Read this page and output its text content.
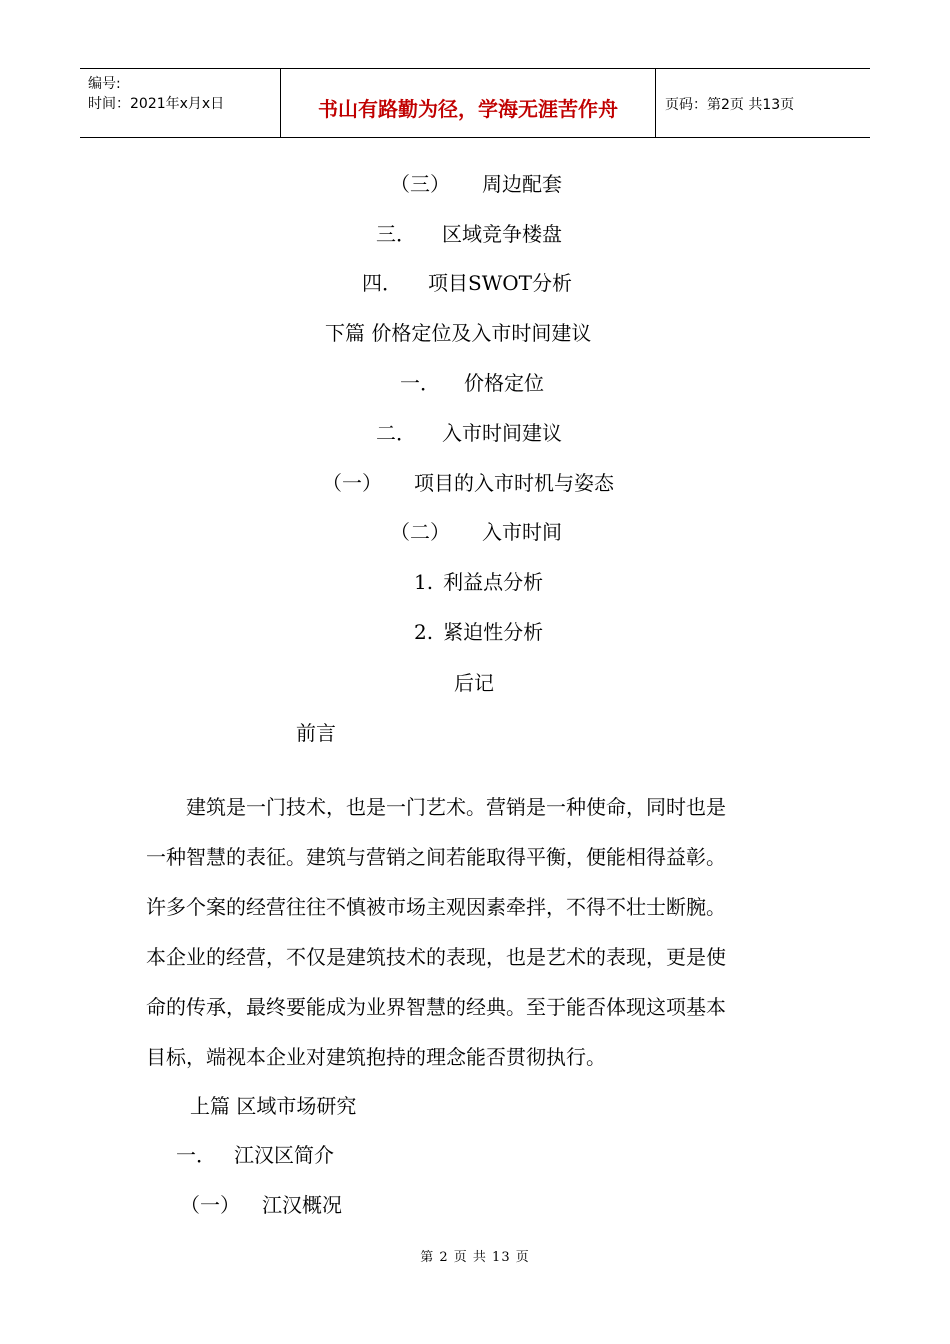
编号:
时间：2021年x月x日	书山有路勤为径，学海无涯苦作舟	页码：第2页 共13页
（三） 周边配套
三． 区域竞争楼盘
四． 项目SWOT分析
下篇 价格定位及入市时间建议
一． 价格定位
二． 入市时间建议
（一） 项目的入市时机与姿态
（二） 入市时间
1. 利益点分析
2. 紧迫性分析
后记
前言
　　建筑是一门技术，也是一门艺术。营销是一种使命，同时也是
一种智慧的表征。建筑与营销之间若能取得平衡，便能相得益彰。
许多个案的经营往往不慎被市场主观因素牵拌，不得不壮士断腕。
本企业的经营，不仅是建筑技术的表现，也是艺术的表现，更是使
命的传承，最终要能成为业界智慧的经典。至于能否体现这项基本
目标，端视本企业对建筑抱持的理念能否贯彻执行。
上篇 区域市场研究
一． 江汉区简介
（一） 江汉概况
第 2 页 共 13 页
